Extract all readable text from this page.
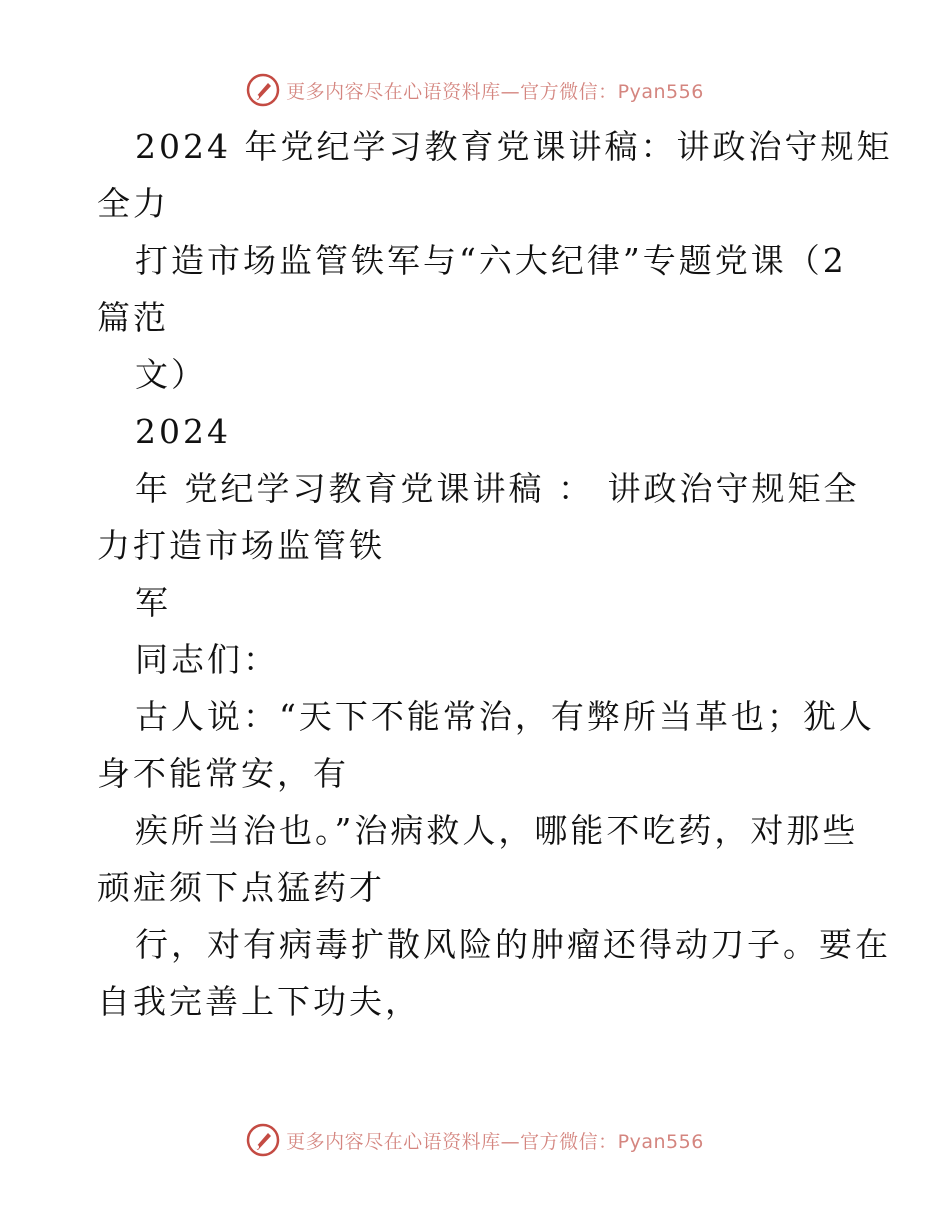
更多内容尽在心语资料库—官方微信：Pyan556
2024 年党纪学习教育党课讲稿：讲政治守规矩
全力
打造市场监管铁军与“六大纪律”专题党课（2
篇范
文）
2024
年 党纪学习教育党课讲稿 ： 讲政治守规矩全
力打造市场监管铁
军
同志们：
古人说：“天下不能常治，有弊所当革也；犹人
身不能常安，有
疾所当治也。”治病救人，哪能不吃药，对那些
顽症须下点猛药才
行，对有病毒扩散风险的肿瘤还得动刀子。要在
自我完善上下功夫，
更多内容尽在心语资料库—官方微信：Pyan556
